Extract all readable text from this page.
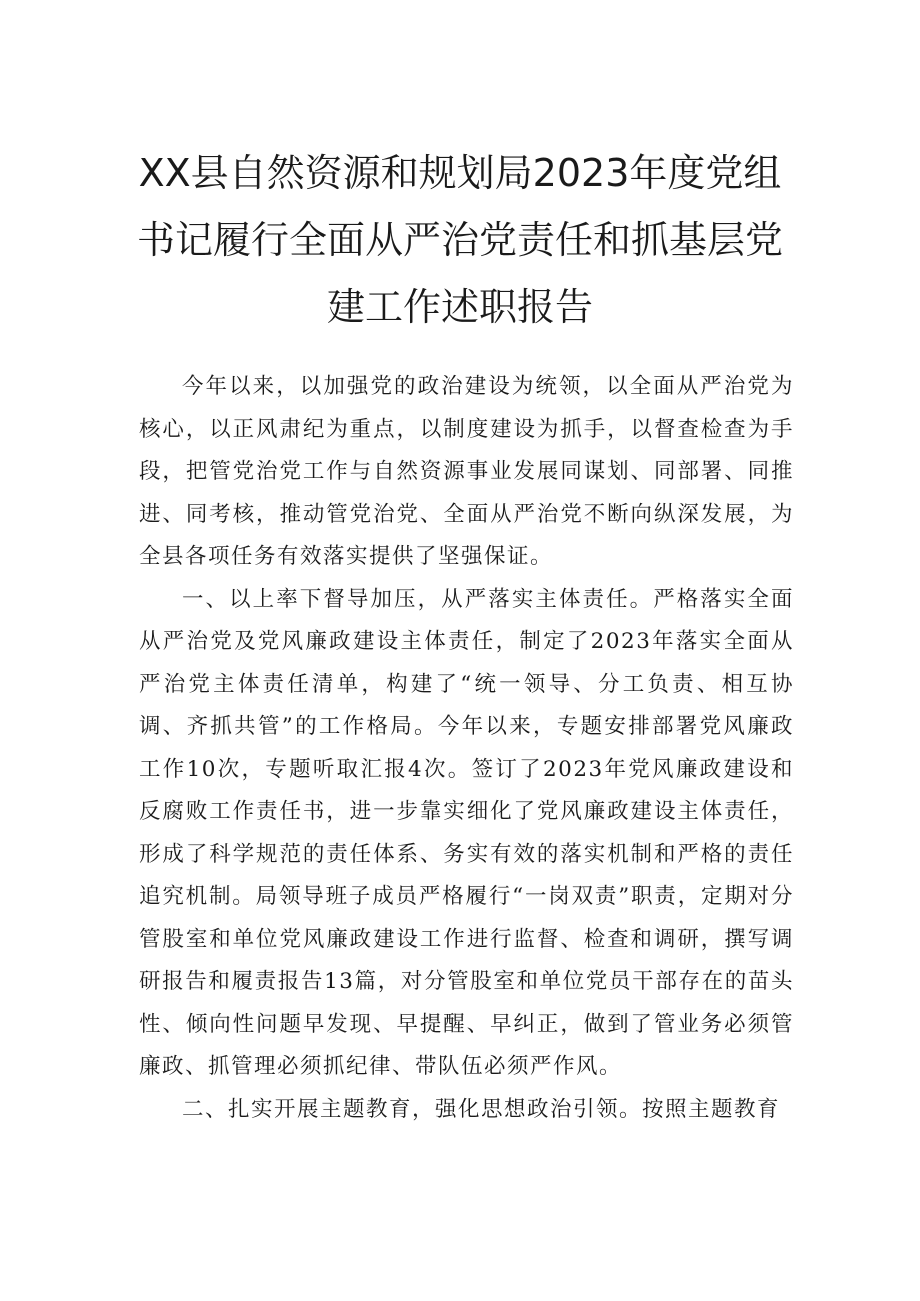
XX县自然资源和规划局2023年度党组书记履行全面从严治党责任和抓基层党建工作述职报告

今年以来，以加强党的政治建设为统领，以全面从严治党为核心，以正风肃纪为重点，以制度建设为抓手，以督查检查为手段，把管党治党工作与自然资源事业发展同谋划、同部署、同推进、同考核，推动管党治党、全面从严治党不断向纵深发展，为全县各项任务有效落实提供了坚强保证。

一、以上率下督导加压，从严落实主体责任。严格落实全面从严治党及党风廉政建设主体责任，制定了2023年落实全面从严治党主体责任清单，构建了“统一领导、分工负责、相互协调、齐抓共管”的工作格局。今年以来，专题安排部署党风廉政工作10次，专题听取汇报4次。签订了2023年党风廉政建设和反腐败工作责任书，进一步靠实细化了党风廉政建设主体责任，形成了科学规范的责任体系、务实有效的落实机制和严格的责任追究机制。局领导班子成员严格履行“一岗双责”职责，定期对分管股室和单位党风廉政建设工作进行监督、检查和调研，撰写调研报告和履责报告13篇，对分管股室和单位党员干部存在的苗头性、倾向性问题早发现、早提醒、早纠正，做到了管业务必须管廉政、抓管理必须抓纪律、带队伍必须严作风。

二、扎实开展主题教育，强化思想政治引领。按照主题教育
